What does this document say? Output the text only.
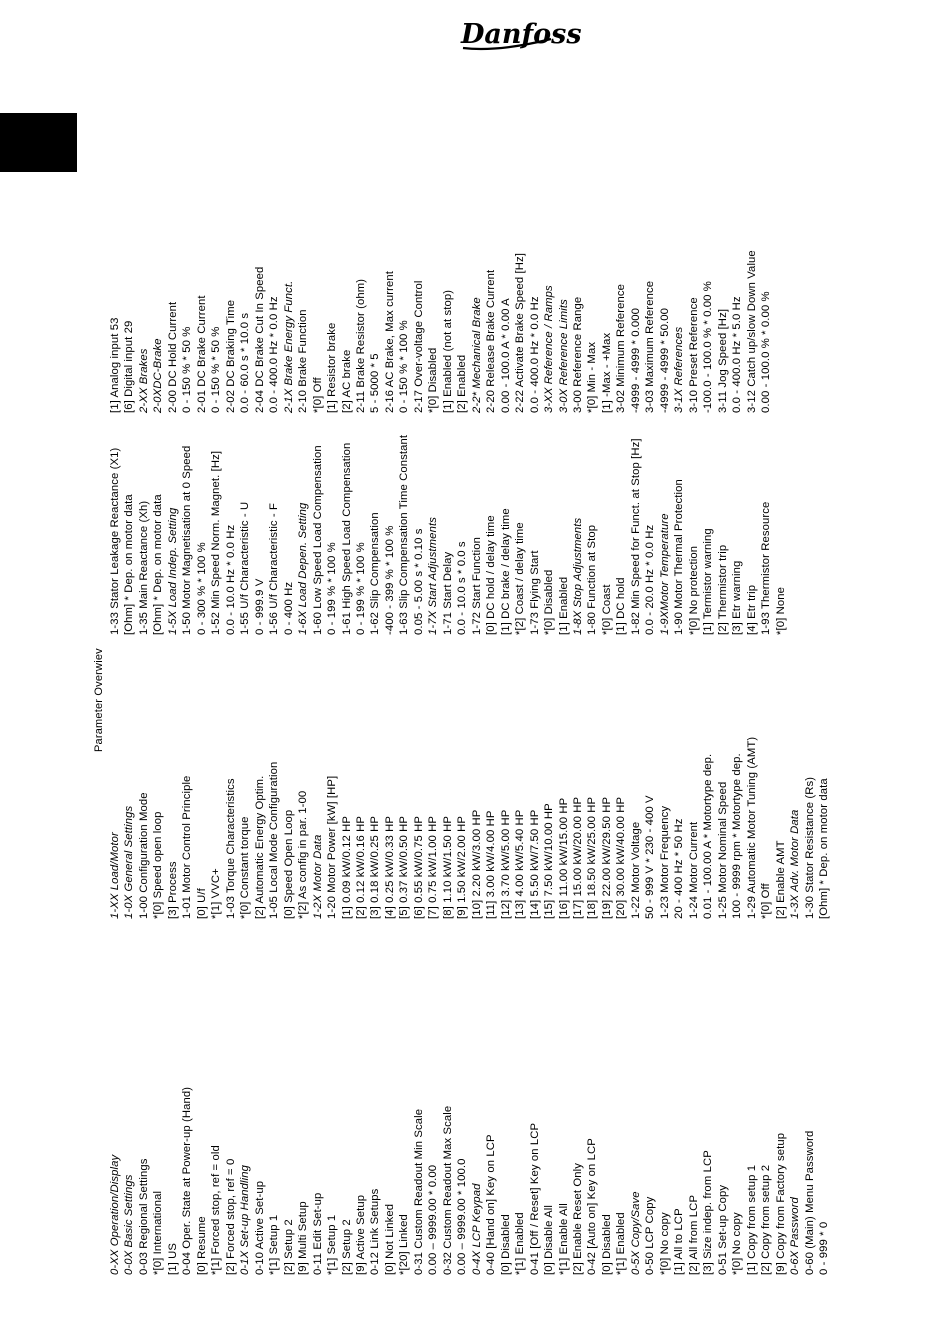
Danfoss
Parameter Overwiev
0-XX Operation/Display 0-0X Basic Settings 0-03 Regional Settings *[0] International [1] US 0-04 Oper. State at Power-up (Hand) [0] Resume *[1] Forced stop, ref = old [2] Forced stop, ref = 0 0-1X Set-up Handling 0-10 Active Set-up *[1] Setup 1 [2] Setup 2 [9] Multi Setup 0-11 Edit Set-up *[1] Setup 1 [2] Setup 2 [9] Active Setup 0-12 Link Setups [0] Not Linked *[20] Linked 0-31 Custom Readout Min Scale 0.00 – 9999.00 * 0.00 0-32 Custom Readout Max Scale 0.00 – 9999.00 * 100.0 0-4X LCP Keypad 0-40 [Hand on] Key on LCP [0] Disabled *[1] Enabled 0-41 [Off / Reset] Key on LCP [0] Disable All *[1] Enable All [2] Enable Reset Only 0-42 [Auto on] Key on LCP [0] Disabled *[1] Enabled 0-5X Copy/Save 0-50 LCP Copy *[0] No copy [1] All to LCP [2] All from LCP [3] Size indep. from LCP 0-51 Set-up Copy *[0] No copy [1] Copy from setup 1 [2] Copy from setup 2 [9] Copy from Factory setup 0-6X Password 0-60 (Main) Menu Password 0 - 999 * 0
1-XX Load/Motor 1-0X General Settings 1-00 Configuration Mode *[0] Speed open loop [3] Process 1-01 Motor Control Principle [0] U/f *[1] VVC+ 1-03 Torque Characteristics *[0] Constant torque [2] Automatic Energy Optim. 1-05 Local Mode Configuration [0] Speed Open Loop *[2] As config in par. 1-00 1-2X Motor Data 1-20 Motor Power [kW] [HP] [1] 0.09 kW/0.12 HP [2] 0.12 kW/0.16 HP [3] 0.18 kW/0.25 HP [4] 0.25 kW/0.33 HP [5] 0.37 kW/0.50 HP [6] 0.55 kW/0.75 HP [7] 0.75 kW/1.00 HP [8] 1.10 kW/1.50 HP [9] 1.50 kW/2.00 HP [10] 2.20 kW/3.00 HP [11] 3.00 kW/4.00 HP [12] 3.70 kW/5.00 HP [13] 4.00 kW/5.40 HP [14] 5.50 kW/7.50 HP [15] 7.50 kW/10.00 HP [16] 11.00 kW/15.00 HP [17] 15.00 kW/20.00 HP [18] 18.50 kW/25.00 HP [19] 22.00 kW/29.50 HP [20] 30.00 kW/40.00 HP 1-22 Motor Voltage 50 - 999 V * 230 - 400 V 1-23 Motor Frequency 20 - 400 Hz * 50 Hz 1-24 Motor Current 0.01 - 100.00 A * Motortype dep. 1-25 Motor Nominal Speed 100 - 9999 rpm * Motortype dep. 1-29 Automatic Motor Tuning (AMT) *[0] Off [2] Enable AMT 1-3X Adv. Motor Data 1-30 Stator Resistance (Rs) [Ohm] * Dep. on motor data
1-33 Stator Leakage Reactance (X1) [Ohm] * Dep. on motor data 1-35 Main Reactance (Xh) [Ohm] * Dep. on motor data 1-5X Load Indep. Setting 1-50 Motor Magnetisation at 0 Speed 0 - 300 % * 100 % 1-52 Min Speed Norm. Magnet. [Hz] 0.0 - 10.0 Hz * 0.0 Hz 1-55 U/f Characteristic - U 0 - 999.9 V 1-56 U/f Characteristic - F 0 - 400 Hz 1-6X Load Depen. Setting 1-60 Low Speed Load Compensation 0 - 199 % * 100 % 1-61 High Speed Load Compensation 0 - 199 % * 100 % 1-62 Slip Compensation -400 - 399 % * 100 % 1-63 Slip Compensation Time Constant 0.05 - 5.00 s * 0.10 s 1-7X Start Adjustments 1-71 Start Delay 0.0 - 10.0 s * 0.0 s 1-72 Start Function [0] DC hold / delay time [1] DC brake / delay time *[2] Coast / delay time 1-73 Flying Start *[0] Disabled [1] Enabled 1-8X Stop Adjustments 1-80 Function at Stop *[0] Coast [1] DC hold 1-82 Min Speed for Funct. at Stop [Hz] 0.0 - 20.0 Hz * 0.0 Hz 1-9XMotor Temperature 1-90 Motor Thermal Protection *[0] No protection [1] Termistor warning [2] Thermistor trip [3] Etr warning [4] Etr trip 1-93 Thermistor Resource *[0] None
[1] Analog input 53 [6] Digital input 29 2-XX Brakes 2-0XDC-Brake 2-00 DC Hold Current 0 - 150 % * 50 % 2-01 DC Brake Current 0 - 150 % * 50 % 2-02 DC Braking Time 0.0 - 60.0 s * 10.0 s 2-04 DC Brake Cut In Speed 0.0 - 400.0 Hz * 0.0 Hz 2-1X Brake Energy Funct. 2-10 Brake Function *[0] Off [1] Resistor brake [2] AC brake 2-11 Brake Resistor (ohm) 5 - 5000 * 5 2-16 AC Brake, Max current 0 - 150 % * 100 % 2-17 Over-voltage Control *[0] Disabled [1] Enabled (not at stop) [2] Enabled 2-2* Mechanical Brake 2-20 Release Brake Current 0.00 - 100.0 A * 0.00 A 2-22 Activate Brake Speed [Hz] 0.0 - 400.0 Hz * 0.0 Hz 3-XX Reference / Ramps 3-0X Reference Limits 3-00 Reference Range *[0] Min - Max [1] -Max - +Max 3-02 Minimum Reference -4999 - 4999 * 0.000 3-03 Maximum Reference -4999 - 4999 * 50.00 3-1X References 3-10 Preset Reference -100.0 - 100.0 % * 0.00 % 3-11 Jog Speed [Hz] 0.0 - 400.0 Hz * 5.0 Hz 3-12 Catch up/slow Down Value 0.00 - 100.0 % * 0.00 %
